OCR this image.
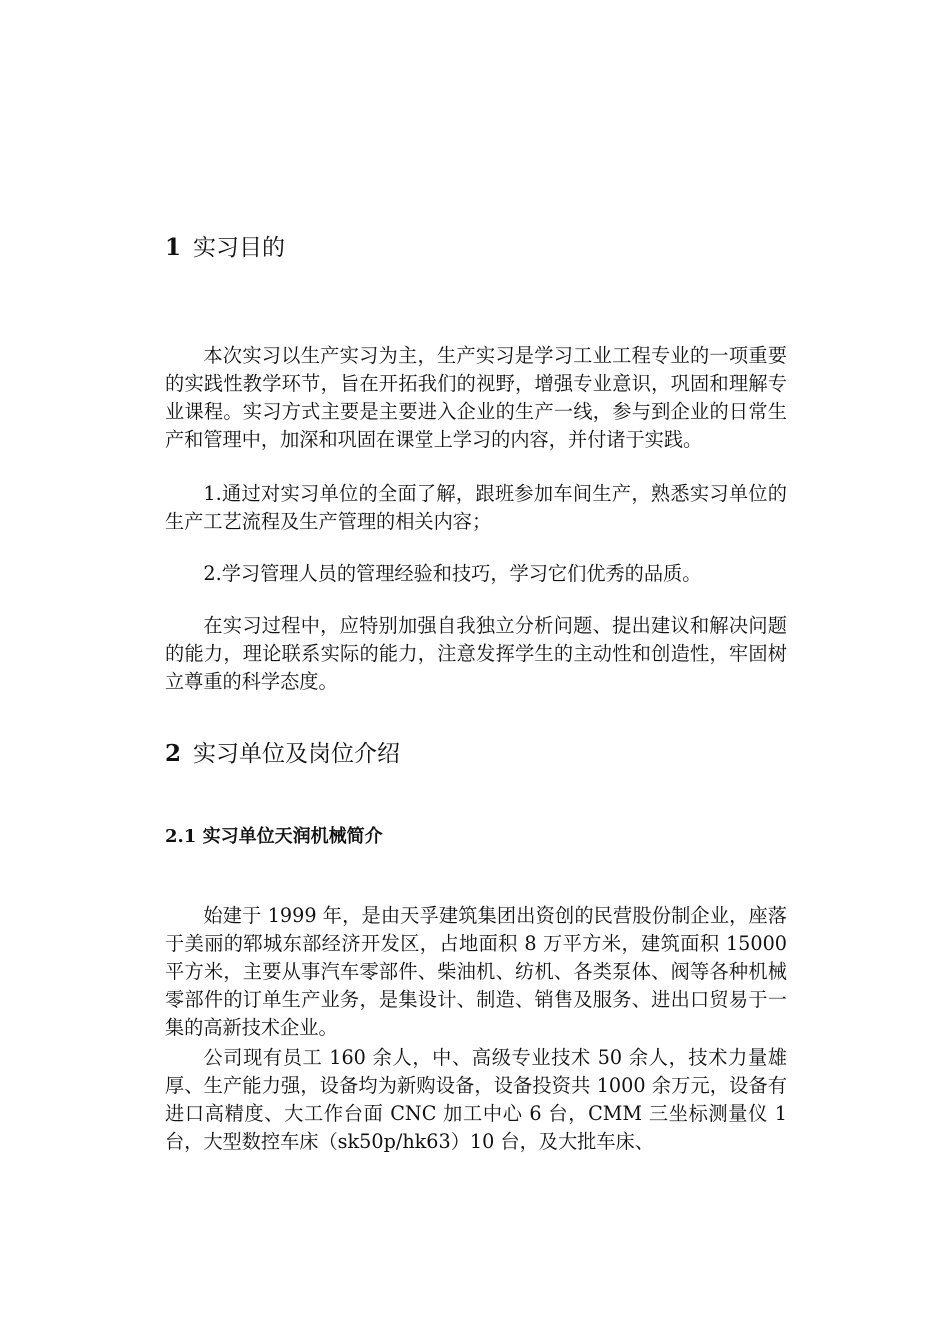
1 实习目的

本次实习以生产实习为主，生产实习是学习工业工程专业的一项重要的实践性教学环节，旨在开拓我们的视野，增强专业意识，巩固和理解专业课程。实习方式主要是主要进入企业的生产一线，参与到企业的日常生产和管理中，加深和巩固在课堂上学习的内容，并付诸于实践。

1.通过对实习单位的全面了解，跟班参加车间生产，熟悉实习单位的生产工艺流程及生产管理的相关内容；

2.学习管理人员的管理经验和技巧，学习它们优秀的品质。

在实习过程中，应特别加强自我独立分析问题、提出建议和解决问题的能力，理论联系实际的能力，注意发挥学生的主动性和创造性，牢固树立尊重的科学态度。

2 实习单位及岗位介绍
2.1 实习单位天润机械简介

始建于 1999 年，是由天孚建筑集团出资创的民营股份制企业，座落于美丽的郓城东部经济开发区，占地面积 8 万平方米，建筑面积 15000 平方米，主要从事汽车零部件、柴油机、纺机、各类泵体、阀等各种机械零部件的订单生产业务，是集设计、制造、销售及服务、进出口贸易于一集的高新技术企业。

公司现有员工 160 余人，中、高级专业技术 50 余人，技术力量雄厚、生产能力强，设备均为新购设备，设备投资共 1000 余万元，设备有进口高精度、大工作台面 CNC 加工中心 6 台，CMM 三坐标测量仪 1 台，大型数控车床（sk50p/hk63）10 台，及大批车床、
